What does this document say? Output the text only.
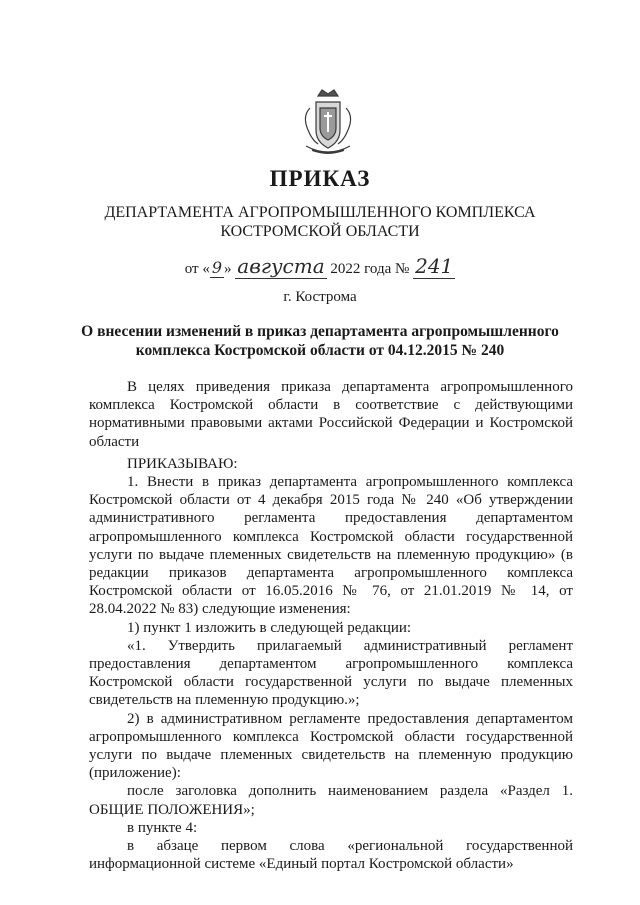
ПРИКАЗ
ДЕПАРТАМЕНТА АГРОПРОМЫШЛЕННОГО КОМПЛЕКСА
КОСТРОМСКОЙ ОБЛАСТИ
от « 9 » августа 2022 года № 241
г. Кострома
О внесении изменений в приказ департамента агропромышленного
комплекса Костромской области от 04.12.2015 № 240

В целях приведения приказа департамента агропромышленного комплекса Костромской области в соответствие с действующими нормативными правовыми актами Российской Федерации и Костромской области

ПРИКАЗЫВАЮ:

1. Внести в приказ департамента агропромышленного комплекса Костромской области от 4 декабря 2015 года № 240 «Об утверждении административного регламента предоставления департаментом агропромышленного комплекса Костромской области государственной услуги по выдаче племенных свидетельств на племенную продукцию» (в редакции приказов департамента агропромышленного комплекса Костромской области от 16.05.2016 № 76, от 21.01.2019 № 14, от 28.04.2022 № 83) следующие изменения:

1) пункт 1 изложить в следующей редакции:

«1. Утвердить прилагаемый административный регламент предоставления департаментом агропромышленного комплекса Костромской области государственной услуги по выдаче племенных свидетельств на племенную продукцию.»;

2) в административном регламенте предоставления департаментом агропромышленного комплекса Костромской области государственной услуги по выдаче племенных свидетельств на племенную продукцию (приложение):

после заголовка дополнить наименованием раздела «Раздел 1. ОБЩИЕ ПОЛОЖЕНИЯ»;

в пункте 4:

в абзаце первом слова «региональной государственной информационной системе «Единый портал Костромской области»
